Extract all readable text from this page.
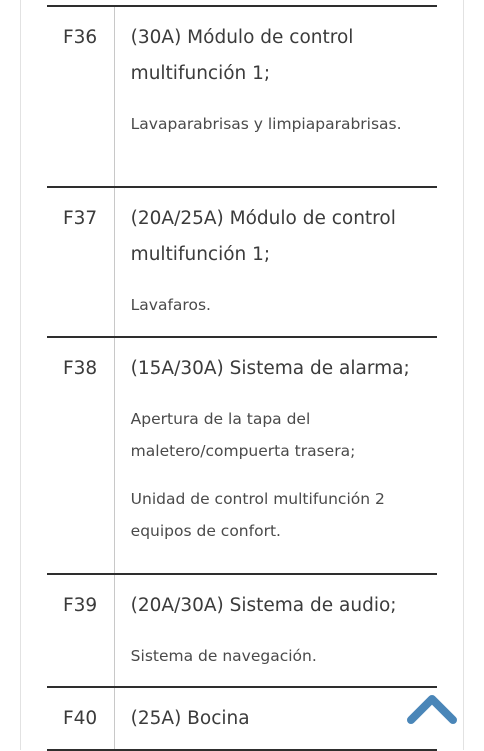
F36	(30A) Módulo de control multifunción 1;

Lavaparabrisas y limpiaparabrisas.

F37	(20A/25A) Módulo de control multifunción 1;

Lavafaros.

F38	(15A/30A) Sistema de alarma;

Apertura de la tapa del maletero/compuerta trasera;

Unidad de control multifunción 2 equipos de confort.

F39	(20A/30A) Sistema de audio;

Sistema de navegación.

F40	(25A) Bocina
